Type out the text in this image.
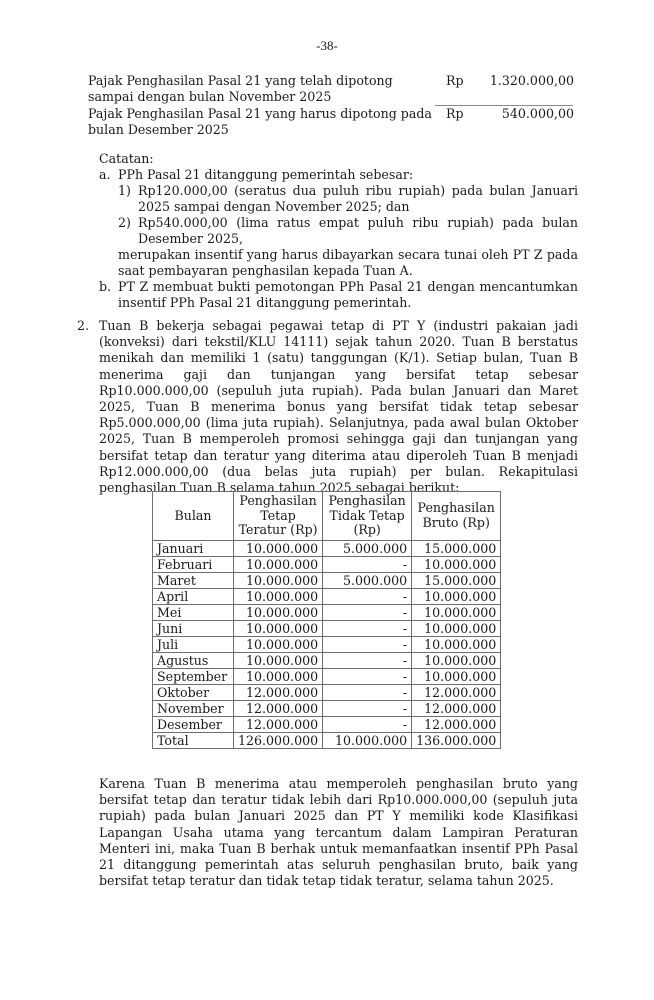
-38-
Pajak Penghasilan Pasal 21 yang telah dipotong sampai dengan bulan November 2025
Rp	1.320.000,00
Pajak Penghasilan Pasal 21 yang harus dipotong pada bulan Desember 2025
Rp	540.000,00
Catatan:
a. PPh Pasal 21 ditanggung pemerintah sebesar:
1) Rp120.000,00 (seratus dua puluh ribu rupiah) pada bulan Januari 2025 sampai dengan November 2025; dan
2) Rp540.000,00 (lima ratus empat puluh ribu rupiah) pada bulan Desember 2025,
merupakan insentif yang harus dibayarkan secara tunai oleh PT Z pada saat pembayaran penghasilan kepada Tuan A.
b. PT Z membuat bukti pemotongan PPh Pasal 21 dengan mencantumkan insentif PPh Pasal 21 ditanggung pemerintah.
2. Tuan B bekerja sebagai pegawai tetap di PT Y (industri pakaian jadi (konveksi) dari tekstil/KLU 14111) sejak tahun 2020. Tuan B berstatus menikah dan memiliki 1 (satu) tanggungan (K/1). Setiap bulan, Tuan B menerima gaji dan tunjangan yang bersifat tetap sebesar Rp10.000.000,00 (sepuluh juta rupiah). Pada bulan Januari dan Maret 2025, Tuan B menerima bonus yang bersifat tidak tetap sebesar Rp5.000.000,00 (lima juta rupiah). Selanjutnya, pada awal bulan Oktober 2025, Tuan B memperoleh promosi sehingga gaji dan tunjangan yang bersifat tetap dan teratur yang diterima atau diperoleh Tuan B menjadi Rp12.000.000,00 (dua belas juta rupiah) per bulan. Rekapitulasi penghasilan Tuan B selama tahun 2025 sebagai berikut:
Bulan	Penghasilan Tetap Teratur (Rp)	Penghasilan Tidak Tetap (Rp)	Penghasilan Bruto (Rp)
Januari	10.000.000	5.000.000	15.000.000
Februari	10.000.000	-	10.000.000
Maret	10.000.000	5.000.000	15.000.000
April	10.000.000	-	10.000.000
Mei	10.000.000	-	10.000.000
Juni	10.000.000	-	10.000.000
Juli	10.000.000	-	10.000.000
Agustus	10.000.000	-	10.000.000
September	10.000.000	-	10.000.000
Oktober	12.000.000	-	12.000.000
November	12.000.000	-	12.000.000
Desember	12.000.000	-	12.000.000
Total	126.000.000	10.000.000	136.000.000
Karena Tuan B menerima atau memperoleh penghasilan bruto yang bersifat tetap dan teratur tidak lebih dari Rp10.000.000,00 (sepuluh juta rupiah) pada bulan Januari 2025 dan PT Y memiliki kode Klasifikasi Lapangan Usaha utama yang tercantum dalam Lampiran Peraturan Menteri ini, maka Tuan B berhak untuk memanfaatkan insentif PPh Pasal 21 ditanggung pemerintah atas seluruh penghasilan bruto, baik yang bersifat tetap teratur dan tidak tetap tidak teratur, selama tahun 2025.
